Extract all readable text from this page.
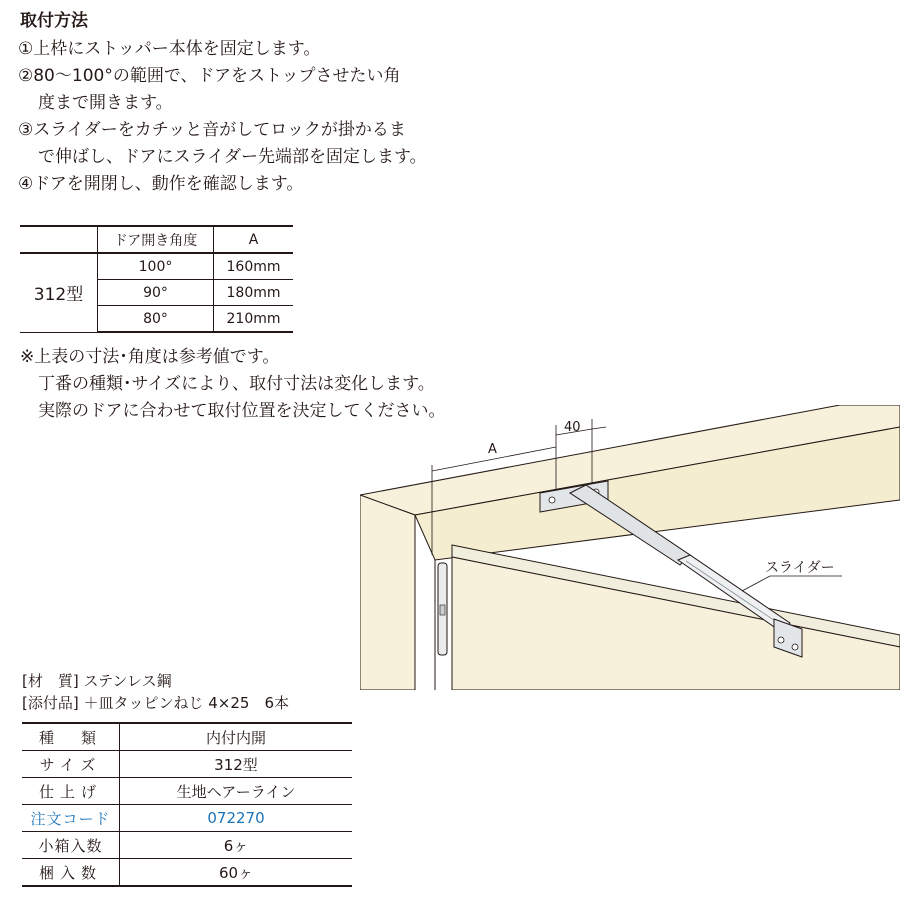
取付方法
①上枠にストッパー本体を固定します。
②80～100°の範囲で、ドアをストップさせたい角
度まで開きます。
③スライダーをカチッと音がしてロックが掛かるま
で伸ばし、ドアにスライダー先端部を固定します。
④ドアを開閉し、動作を確認します。
	ドア開き角度	A
312型	100°	160mm
	90°	180mm
	80°	210mm
※上表の寸法･角度は参考値です。
丁番の種類･サイズにより、取付寸法は変化します。
実際のドアに合わせて取付位置を決定してください。
A
40
スライダー
[材　質] ステンレス鋼
[添付品] ＋皿タッピンねじ 4×25　6本
種　類	内付内開
サイズ	312型
仕上げ	生地ヘアーライン
注文コード	072270
小箱入数	6ヶ
梱入数	60ヶ
